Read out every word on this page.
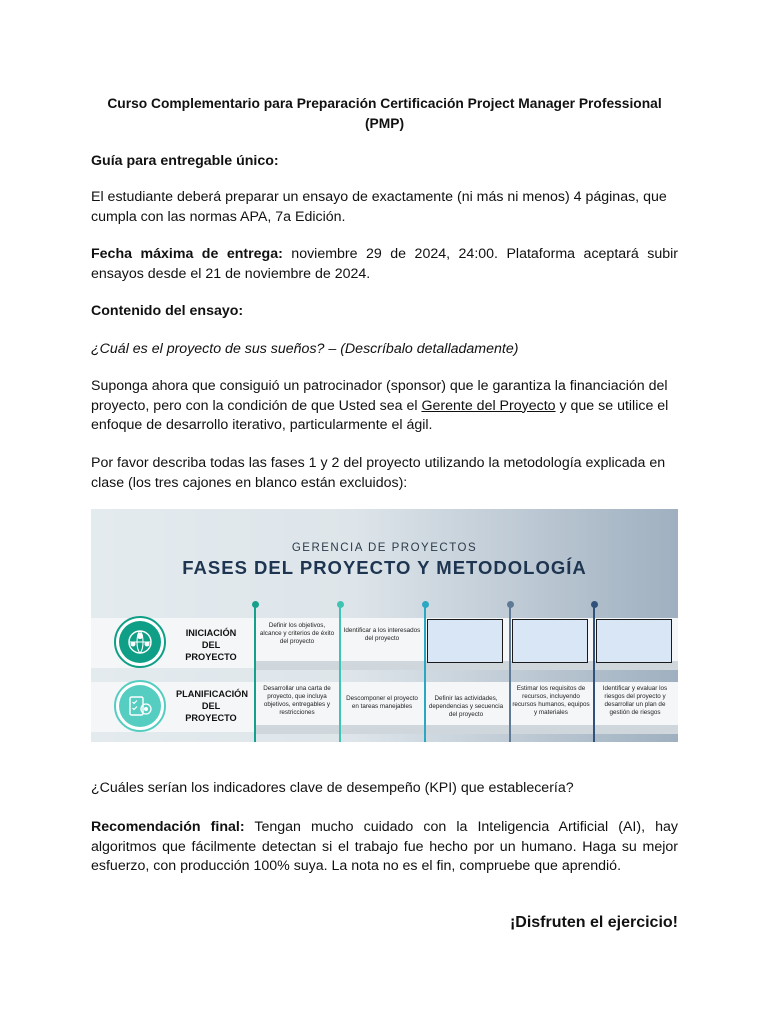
Curso Complementario para Preparación Certificación Project Manager Professional (PMP)
Guía para entregable único:
El estudiante deberá preparar un ensayo de exactamente (ni más ni menos) 4 páginas, que cumpla con las normas APA, 7a Edición.
Fecha máxima de entrega: noviembre 29 de 2024, 24:00. Plataforma aceptará subir ensayos desde el 21 de noviembre de 2024.
Contenido del ensayo:
¿Cuál es el proyecto de sus sueños? – (Descríbalo detalladamente)
Suponga ahora que consiguió un patrocinador (sponsor) que le garantiza la financiación del proyecto, pero con la condición de que Usted sea el Gerente del Proyecto y que se utilice el enfoque de desarrollo iterativo, particularmente el ágil.
Por favor describa todas las fases 1 y 2 del proyecto utilizando la metodología explicada en clase (los tres cajones en blanco están excluidos):
GERENCIA DE PROYECTOS
FASES DEL PROYECTO Y METODOLOGÍA
INICIACIÓN DEL PROYECTO
Definir los objetivos, alcance y criterios de éxito del proyecto
Identificar a los interesados del proyecto
PLANIFICACIÓN DEL PROYECTO
Desarrollar una carta de proyecto, que incluya objetivos, entregables y restricciones
Descomponer el proyecto en tareas manejables
Definir las actividades, dependencias y secuencia del proyecto
Estimar los requisitos de recursos, incluyendo recursos humanos, equipos y materiales
Identificar y evaluar los riesgos del proyecto y desarrollar un plan de gestión de riesgos
¿Cuáles serían los indicadores clave de desempeño (KPI) que establecería?
Recomendación final: Tengan mucho cuidado con la Inteligencia Artificial (AI), hay algoritmos que fácilmente detectan si el trabajo fue hecho por un humano. Haga su mejor esfuerzo, con producción 100% suya. La nota no es el fin, compruebe que aprendió.
¡Disfruten el ejercicio!
